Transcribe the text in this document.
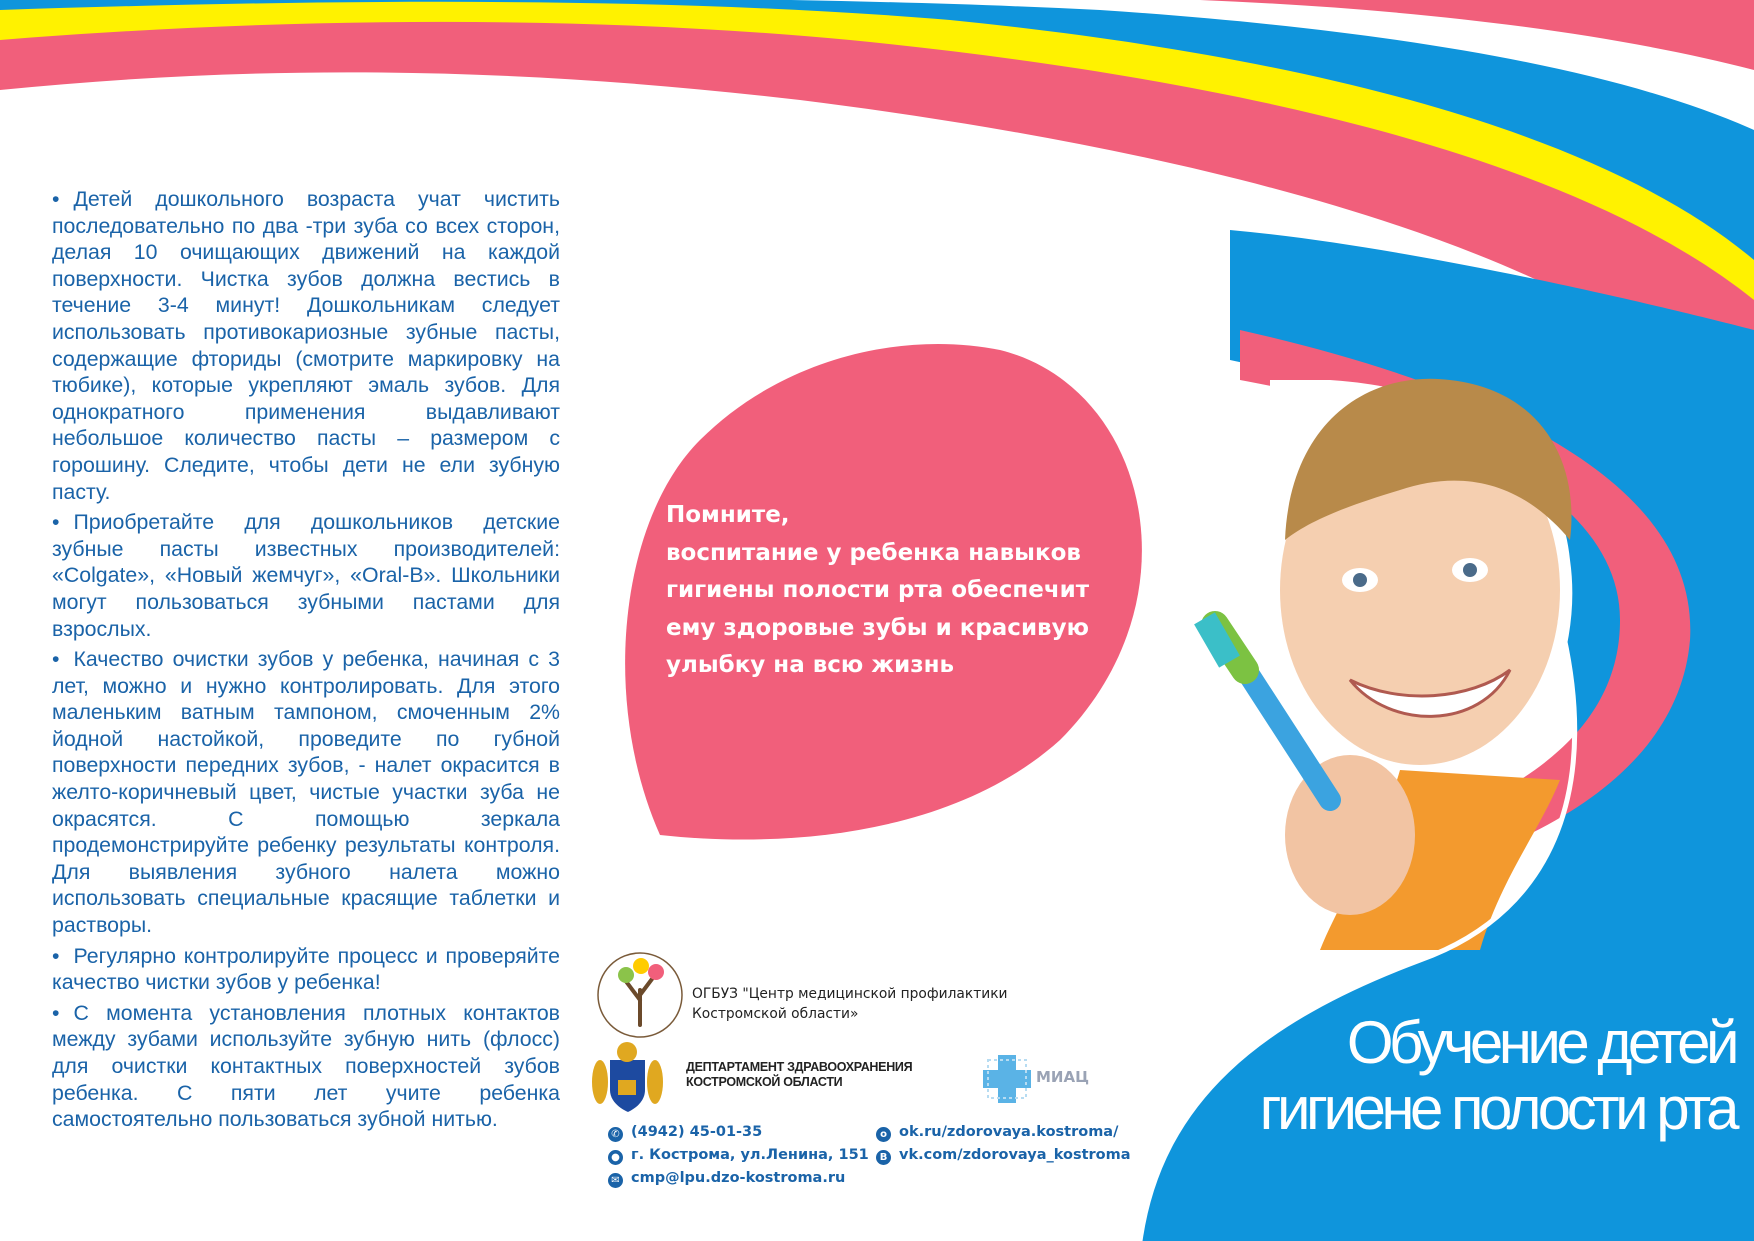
• Детей дошкольного возраста учат чистить последовательно по два -три зуба со всех сторон, делая 10 очищающих движений на каждой поверхности. Чистка зубов должна вестись в течение 3-4 минут! Дошкольникам следует использовать противокариозные зубные пасты, содержащие фториды (смотрите маркировку на тюбике), которые укрепляют эмаль зубов. Для однократного применения выдавливают небольшое количество пасты – размером с горошину. Следите, чтобы дети не ели зубную пасту.

• Приобретайте для дошкольников детские зубные пасты известных производителей: «Colgate», «Новый жемчуг», «Oral-B». Школьники могут пользоваться зубными пастами для взрослых.

• Качество очистки зубов у ребенка, начиная с 3 лет, можно и нужно контролировать. Для этого маленьким ватным тампоном, смоченным 2% йодной настойкой, проведите по губной поверхности передних зубов, - налет окрасится в желто-коричневый цвет, чистые участки зуба не окрасятся. С помощью зеркала продемонстрируйте ребенку результаты контроля. Для выявления зубного налета можно использовать специальные красящие таблетки и растворы.

• Регулярно контролируйте процесс и проверяйте качество чистки зубов у ребенка!

• С момента установления плотных контактов между зубами используйте зубную нить (флосс) для очистки контактных поверхностей зубов ребенка. С пяти лет учите ребенка самостоятельно пользоваться зубной нитью.

Помните,
воспитание у ребенка навыков
гигиены полости рта обеспечит
ему здоровые зубы и красивую
улыбку на всю жизнь
Обучение детей
гигиене полости рта
ОГБУЗ "Центр медицинской профилактики
Костромской области»
ДЕПТАРТАМЕНТ ЗДРАВООХРАНЕНИЯ
КОСТРОМСКОЙ ОБЛАСТИ	МИАЦ
✆ (4942) 45-01-35
● г. Кострома, ул.Ленина, 151
✉ cmp@lpu.dzo-kostroma.ru
o ok.ru/zdorovaya.kostroma/
B vk.com/zdorovaya_kostroma
